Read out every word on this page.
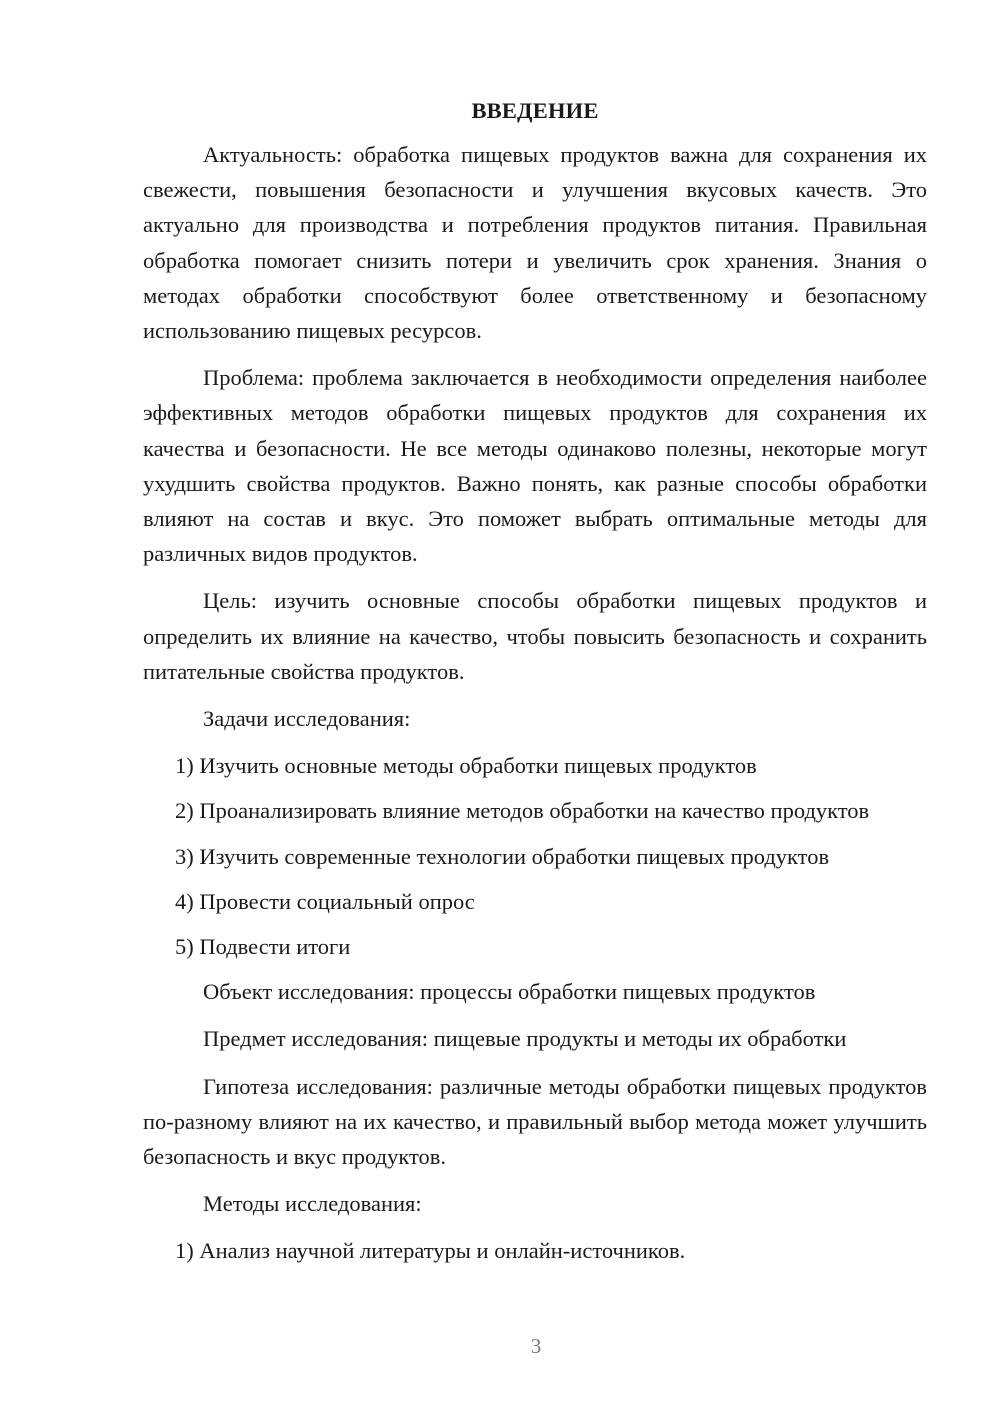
ВВЕДЕНИЕ

Актуальность: обработка пищевых продуктов важна для сохранения их свежести, повышения безопасности и улучшения вкусовых качеств. Это актуально для производства и потребления продуктов питания. Правильная обработка помогает снизить потери и увеличить срок хранения. Знания о методах обработки способствуют более ответственному и безопасному использованию пищевых ресурсов.

Проблема: проблема заключается в необходимости определения наиболее эффективных методов обработки пищевых продуктов для сохранения их качества и безопасности. Не все методы одинаково полезны, некоторые могут ухудшить свойства продуктов. Важно понять, как разные способы обработки влияют на состав и вкус. Это поможет выбрать оптимальные методы для различных видов продуктов.

Цель: изучить основные способы обработки пищевых продуктов и определить их влияние на качество, чтобы повысить безопасность и сохранить питательные свойства продуктов.

Задачи исследования:

1) Изучить основные методы обработки пищевых продуктов

2) Проанализировать влияние методов обработки на качество продуктов

3) Изучить современные технологии обработки пищевых продуктов

4) Провести социальный опрос

5) Подвести итоги

Объект исследования: процессы обработки пищевых продуктов

Предмет исследования: пищевые продукты и методы их обработки

Гипотеза исследования: различные методы обработки пищевых продуктов по-разному влияют на их качество, и правильный выбор метода может улучшить безопасность и вкус продуктов.

Методы исследования:

1) Анализ научной литературы и онлайн-источников.

3
